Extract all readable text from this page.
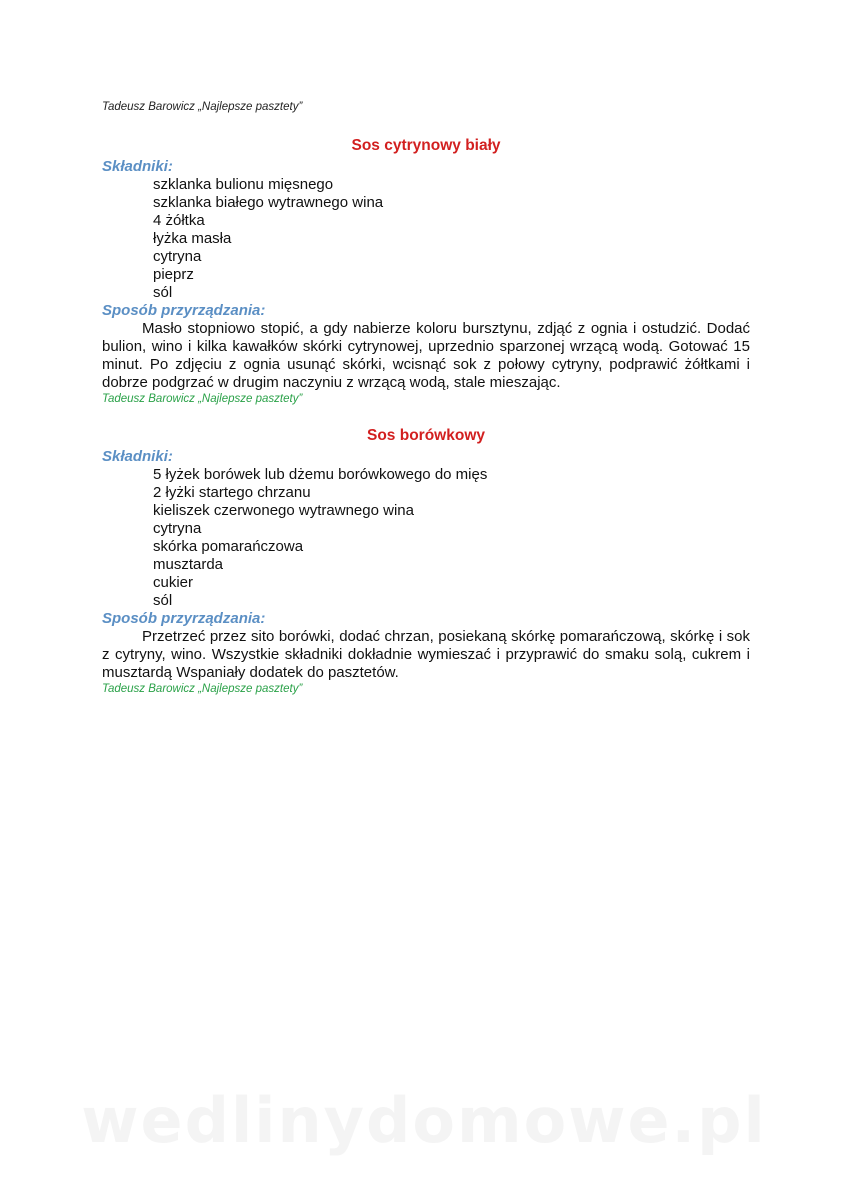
Tadeusz Barowicz „Najlepsze pasztety”
Sos cytrynowy biały
Składniki:
szklanka bulionu mięsnego
szklanka białego wytrawnego wina
4 żółtka
łyżka masła
cytryna
pieprz
sól
Sposób przyrządzania:

Masło stopniowo stopić, a gdy nabierze koloru bursztynu, zdjąć z ognia i ostudzić. Dodać bulion, wino i kilka kawałków skórki cytrynowej, uprzednio sparzonej wrzącą wodą. Gotować 15 minut. Po zdjęciu z ognia usunąć skórki, wcisnąć sok z połowy cytryny, podprawić żółtkami i dobrze podgrzać w drugim naczyniu z wrzącą wodą, stale mieszając.

Tadeusz Barowicz „Najlepsze pasztety”

Sos borówkowy
Składniki:
5 łyżek borówek lub dżemu borówkowego do mięs
2 łyżki startego chrzanu
kieliszek czerwonego wytrawnego wina
cytryna
skórka pomarańczowa
musztarda
cukier
sól
Sposób przyrządzania:

Przetrzeć przez sito borówki, dodać chrzan, posiekaną skórkę pomarańczową, skórkę i sok z cytryny, wino. Wszystkie składniki dokładnie wymieszać i przyprawić do smaku solą, cukrem i musztardą Wspaniały dodatek do pasztetów.

Tadeusz Barowicz „Najlepsze pasztety”

wedlinydomowe.pl
